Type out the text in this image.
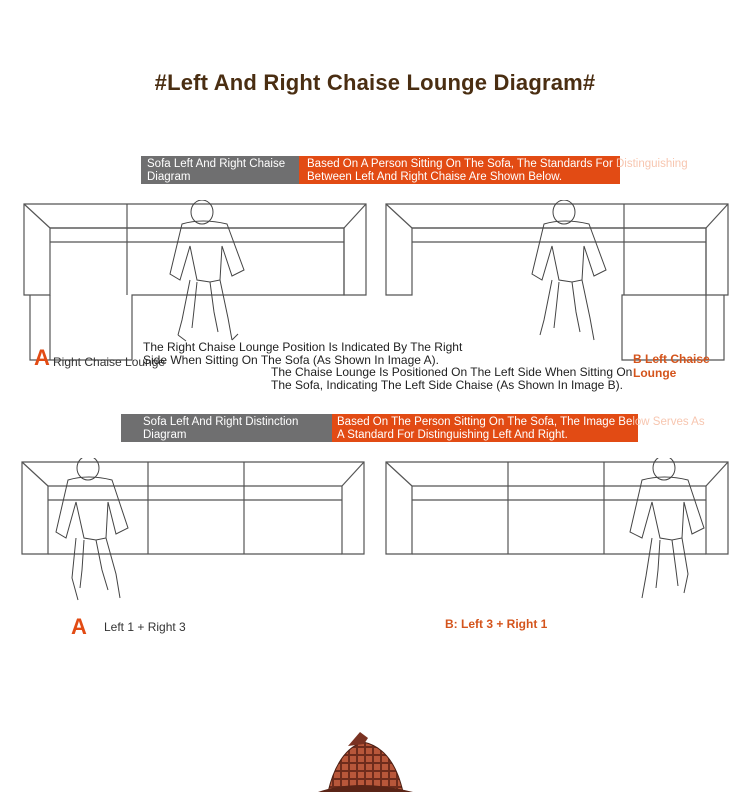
#Left And Right Chaise Lounge Diagram#
Sofa Left And Right Chaise Diagram
Based On A Person Sitting On The Sofa, The Standards For Distinguishing
Between Left And Right Chaise Are Shown Below.
A Right Chaise Lounge	B Left Chaise Lounge
The Right Chaise Lounge Position Is Indicated By The Right
Side When Sitting On The Sofa (As Shown In Image A).
The Chaise Lounge Is Positioned On The Left Side When Sitting On
The Sofa, Indicating The Left Side Chaise (As Shown In Image B).
Sofa Left And Right Distinction Diagram
Based On The Person Sitting On The Sofa, The Image Below Serves As
A Standard For Distinguishing Left And Right.
A Left 1 + Right 3	B: Left 3 + Right 1
